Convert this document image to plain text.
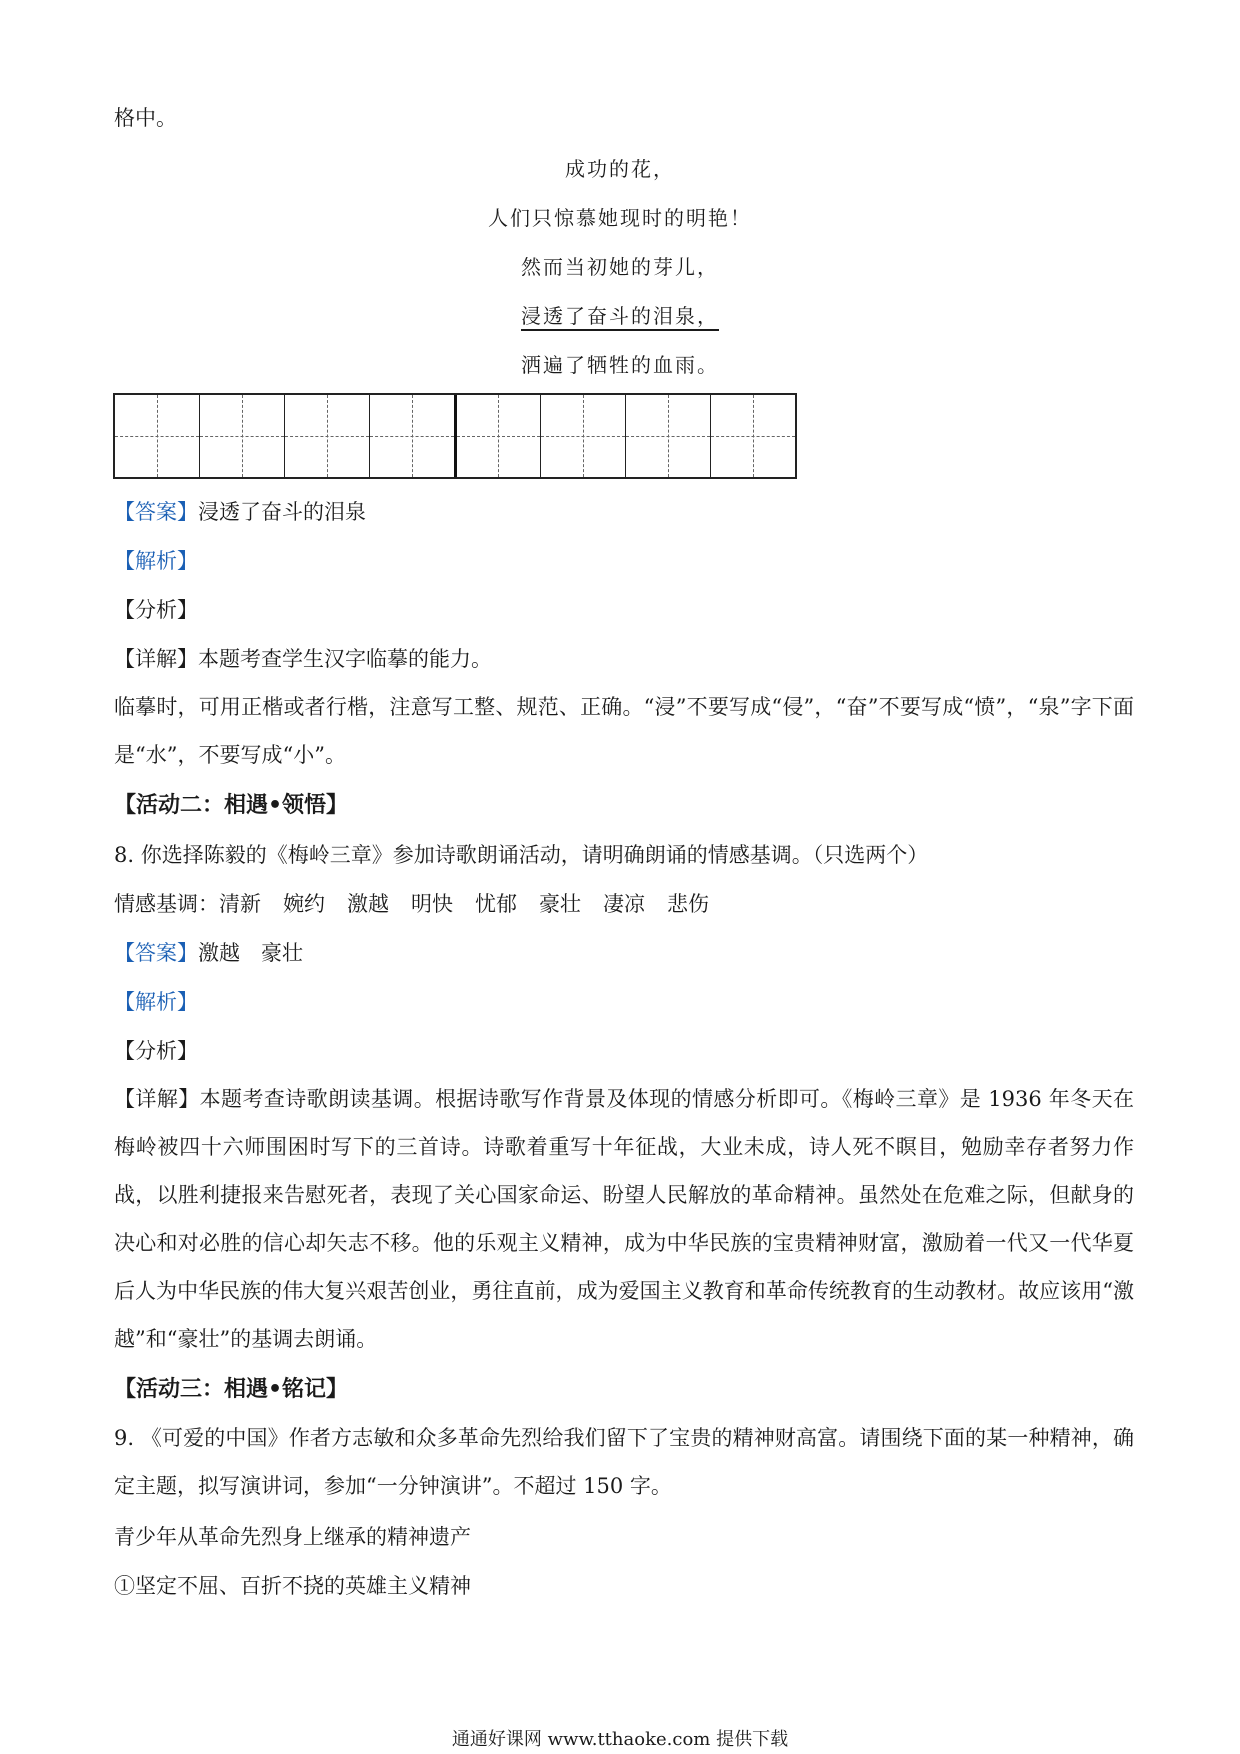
格中。
成功的花，
人们只惊慕她现时的明艳！
然而当初她的芽儿，
浸透了奋斗的泪泉，
洒遍了牺牲的血雨。
【答案】浸透了奋斗的泪泉
【解析】
【分析】
【详解】本题考查学生汉字临摹的能力。
临摹时，可用正楷或者行楷，注意写工整、规范、正确。“浸”不要写成“侵”，“奋”不要写成“愤”，“泉”字下面是“水”，不要写成“小”。
【活动二：相遇•领悟】
8. 你选择陈毅的《梅岭三章》参加诗歌朗诵活动，请明确朗诵的情感基调。（只选两个）
情感基调：清新 婉约 激越 明快 忧郁 豪壮 凄凉 悲伤
【答案】激越　豪壮
【解析】
【分析】
【详解】本题考查诗歌朗读基调。根据诗歌写作背景及体现的情感分析即可。《梅岭三章》是 1936 年冬天在梅岭被四十六师围困时写下的三首诗。诗歌着重写十年征战，大业未成，诗人死不瞑目，勉励幸存者努力作战，以胜利捷报来告慰死者，表现了关心国家命运、盼望人民解放的革命精神。虽然处在危难之际，但献身的决心和对必胜的信心却矢志不移。他的乐观主义精神，成为中华民族的宝贵精神财富，激励着一代又一代华夏后人为中华民族的伟大复兴艰苦创业，勇往直前，成为爱国主义教育和革命传统教育的生动教材。故应该用“激越”和“豪壮”的基调去朗诵。
【活动三：相遇•铭记】
9. 《可爱的中国》作者方志敏和众多革命先烈给我们留下了宝贵的精神财高富。请围绕下面的某一种精神，确定主题，拟写演讲词，参加“一分钟演讲”。不超过 150 字。
青少年从革命先烈身上继承的精神遗产
①坚定不屈、百折不挠的英雄主义精神
通通好课网 www.tthaoke.com 提供下载
